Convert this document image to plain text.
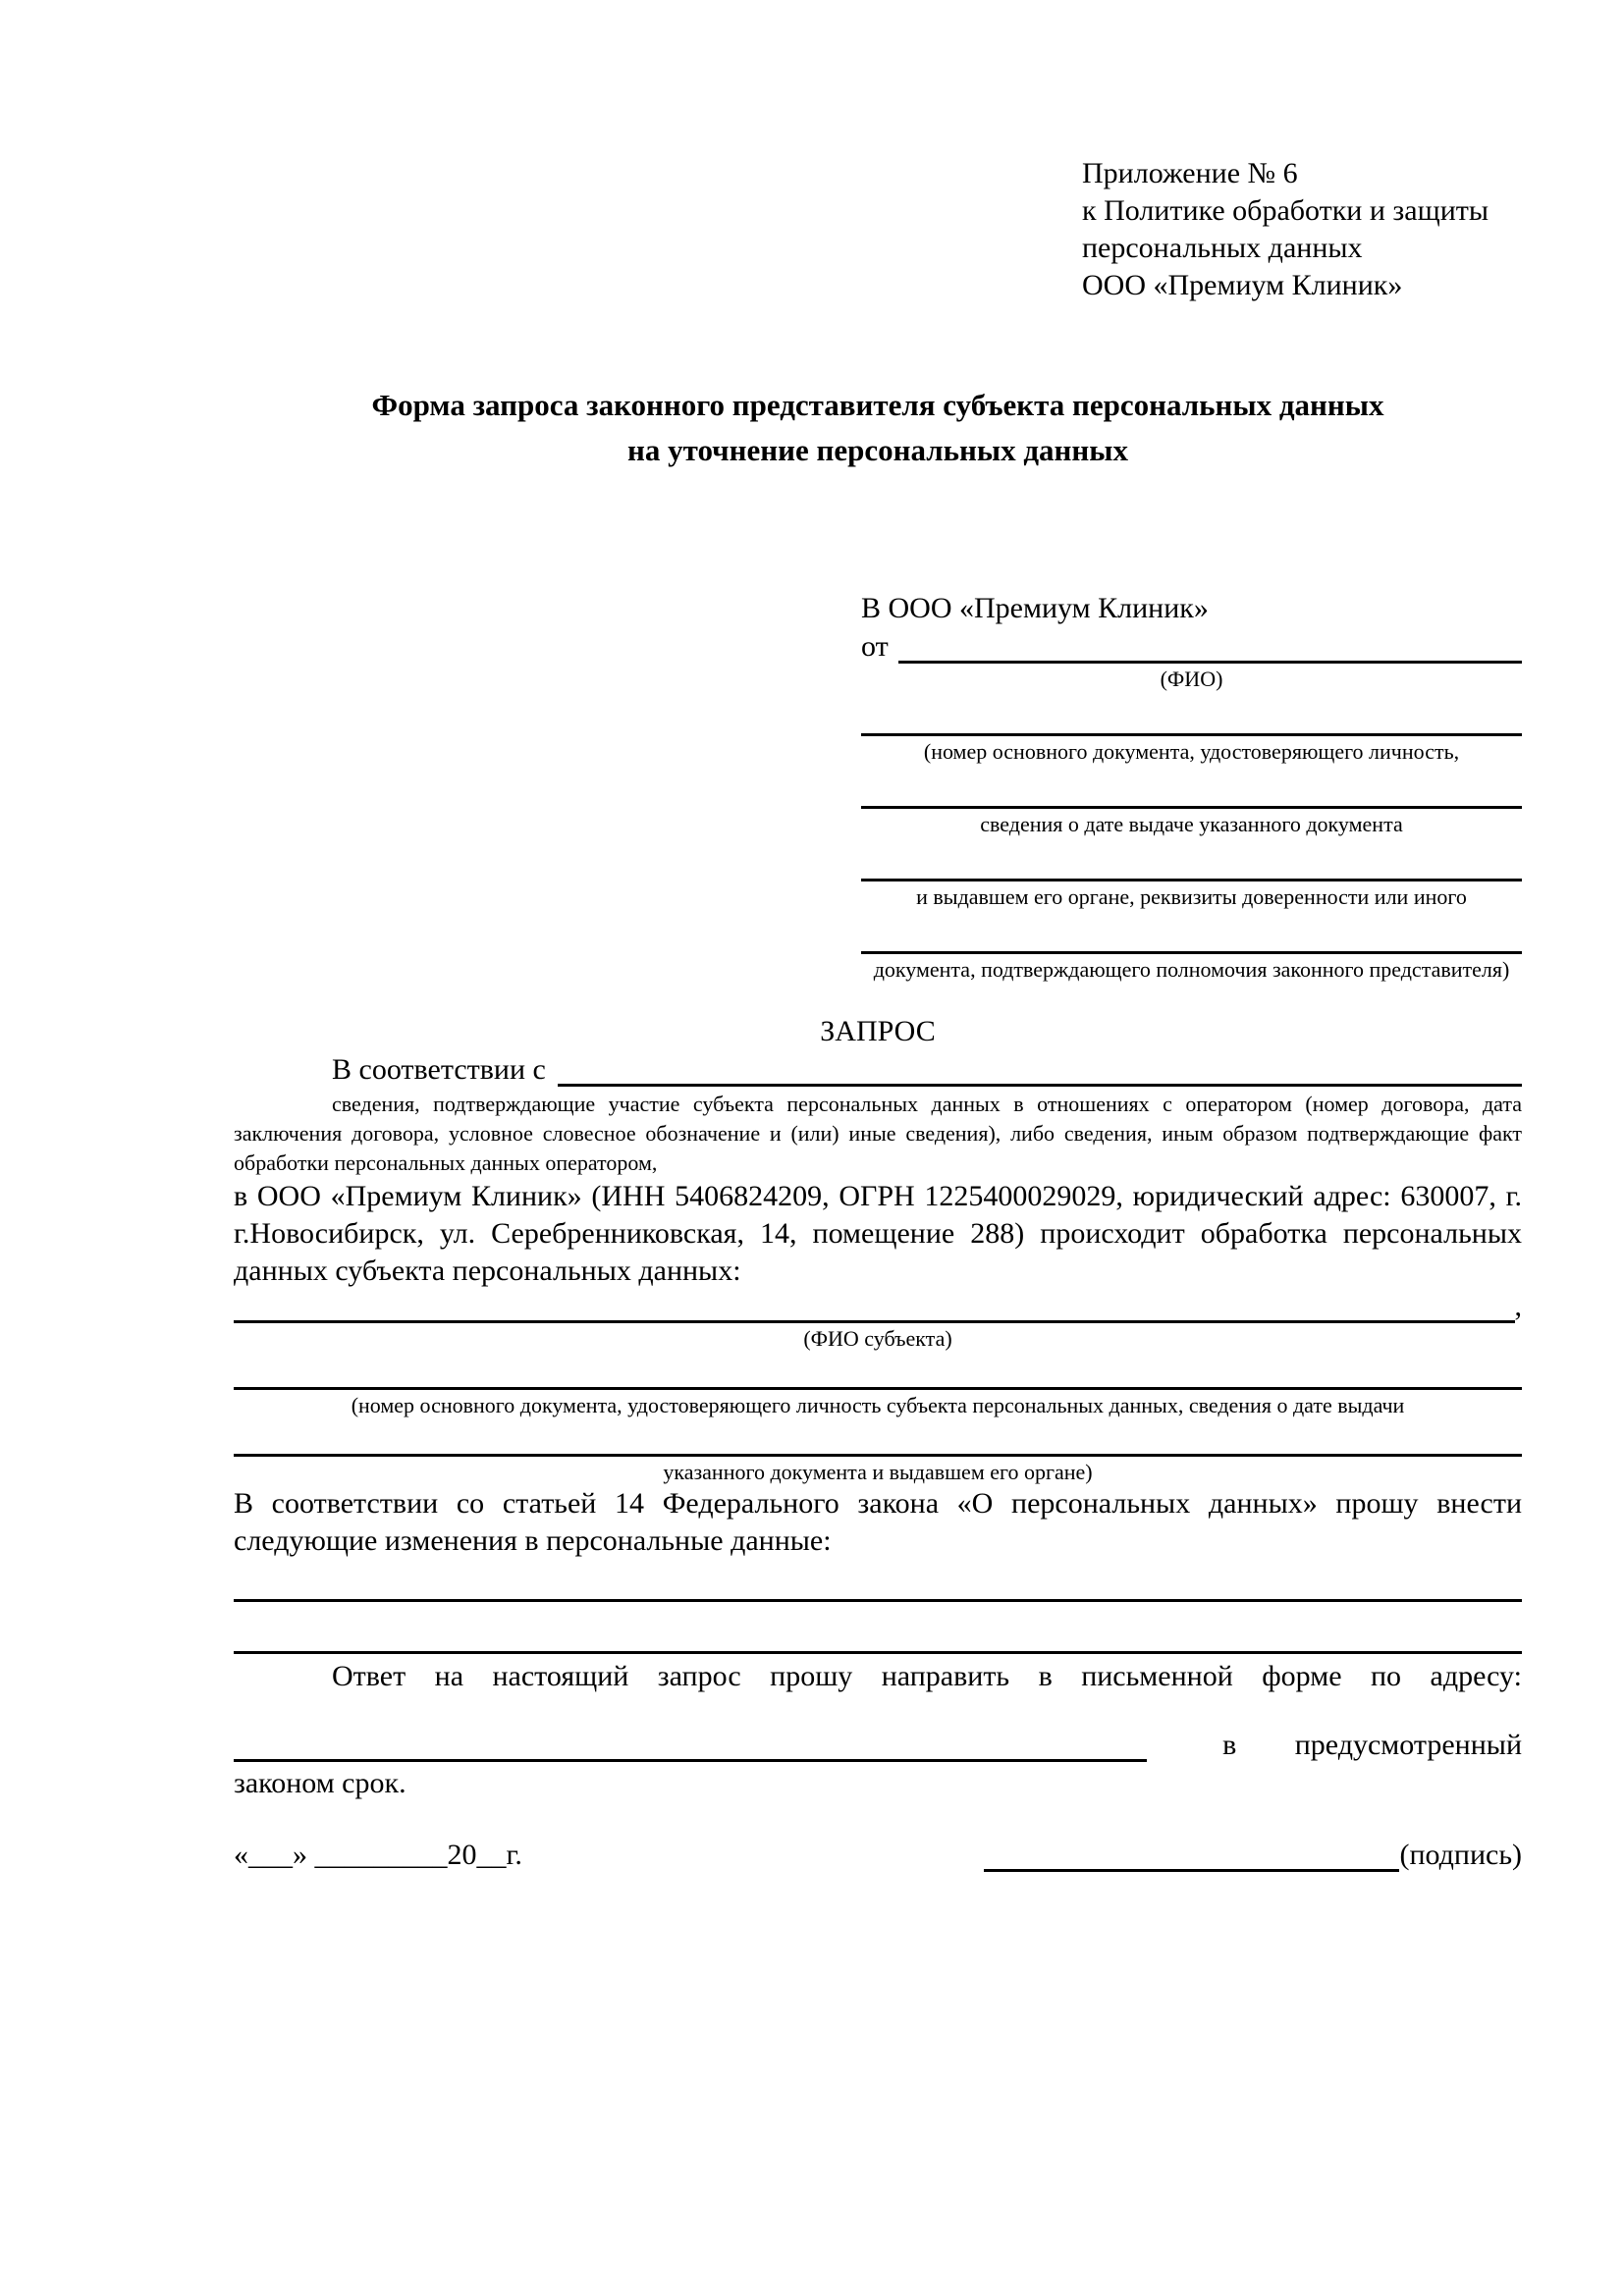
Приложение № 6
к Политике обработки и защиты
персональных данных
ООО «Премиум Клиник»
Форма запроса законного представителя субъекта персональных данных
на уточнение персональных данных
В ООО «Премиум Клиник»
от
(ФИО)
(номер основного документа, удостоверяющего личность,
сведения о дате выдаче указанного документа
и выдавшем его органе, реквизиты доверенности или иного
документа, подтверждающего полномочия законного представителя)
ЗАПРОС
В соответствии с
сведения, подтверждающие участие субъекта персональных данных в отношениях с оператором (номер договора, дата заключения договора, условное словесное обозначение и (или) иные сведения), либо сведения, иным образом подтверждающие факт обработки персональных данных оператором,

в ООО «Премиум Клиник» (ИНН 5406824209, ОГРН 1225400029029, юридический адрес: 630007, г. г.Новосибирск, ул. Серебренниковская, 14, помещение 288) происходит обработка персональных данных субъекта персональных данных:

,
(ФИО субъекта)
(номер основного документа, удостоверяющего личность субъекта персональных данных, сведения о дате выдачи
указанного документа и выдавшем его органе)

В соответствии со статьей 14 Федерального закона «О персональных данных» прошу внести следующие изменения в персональные данные:

Ответ на настоящий запрос прошу направить в письменной форме по адресу:

в предусмотренный
законом срок.
«___» _________20__г.	(подпись)
